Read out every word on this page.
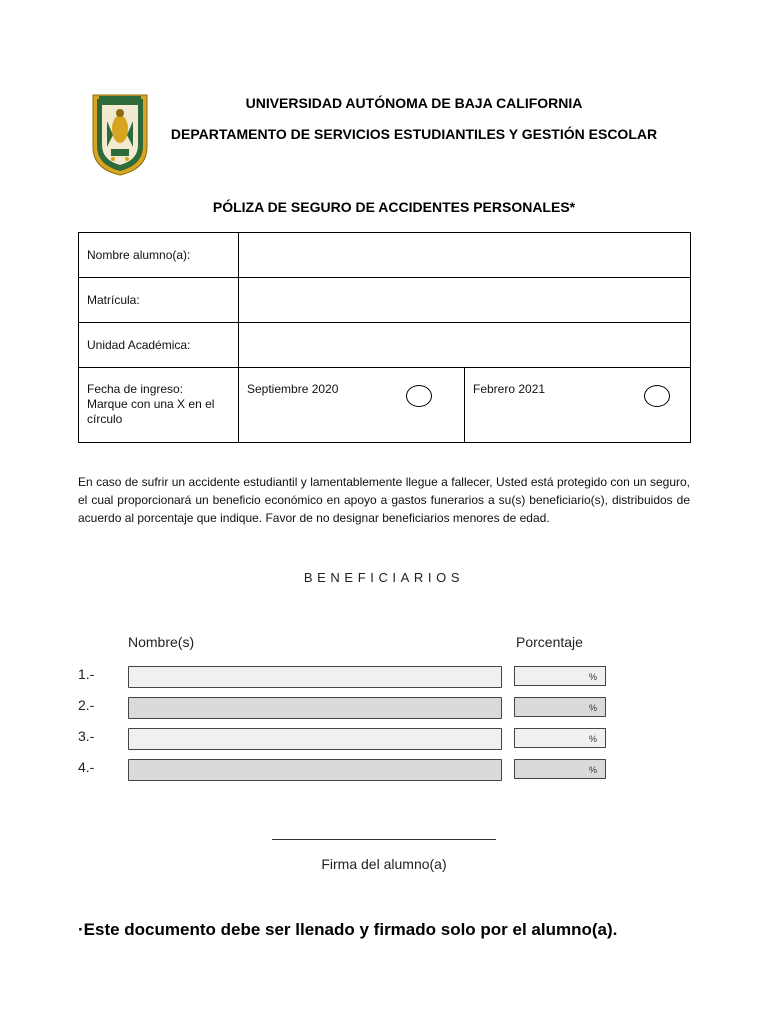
UNIVERSIDAD AUTÓNOMA DE BAJA CALIFORNIA
DEPARTAMENTO DE SERVICIOS ESTUDIANTILES Y GESTIÓN ESCOLAR
PÓLIZA DE SEGURO DE ACCIDENTES PERSONALES*
Nombre alumno(a):		
Matrícula:		
Unidad Académica:		

Fecha de ingreso:
Marque con una X en el
círculo	Septiembre 2020	Febrero 2021
En caso de sufrir un accidente estudiantil y lamentablemente llegue a fallecer, Usted está protegido con un seguro, el cual proporcionará un beneficio económico en apoyo a gastos funerarios a su(s) beneficiario(s), distribuidos de acuerdo al porcentaje que indique. Favor de no designar beneficiarios menores de edad.
BENEFICIARIOS
Nombre(s)	Porcentaje
1.-	%
2.-	%
3.-	%
4.-	%
Firma del alumno(a)
·Este documento debe ser llenado y firmado solo por el alumno(a).
